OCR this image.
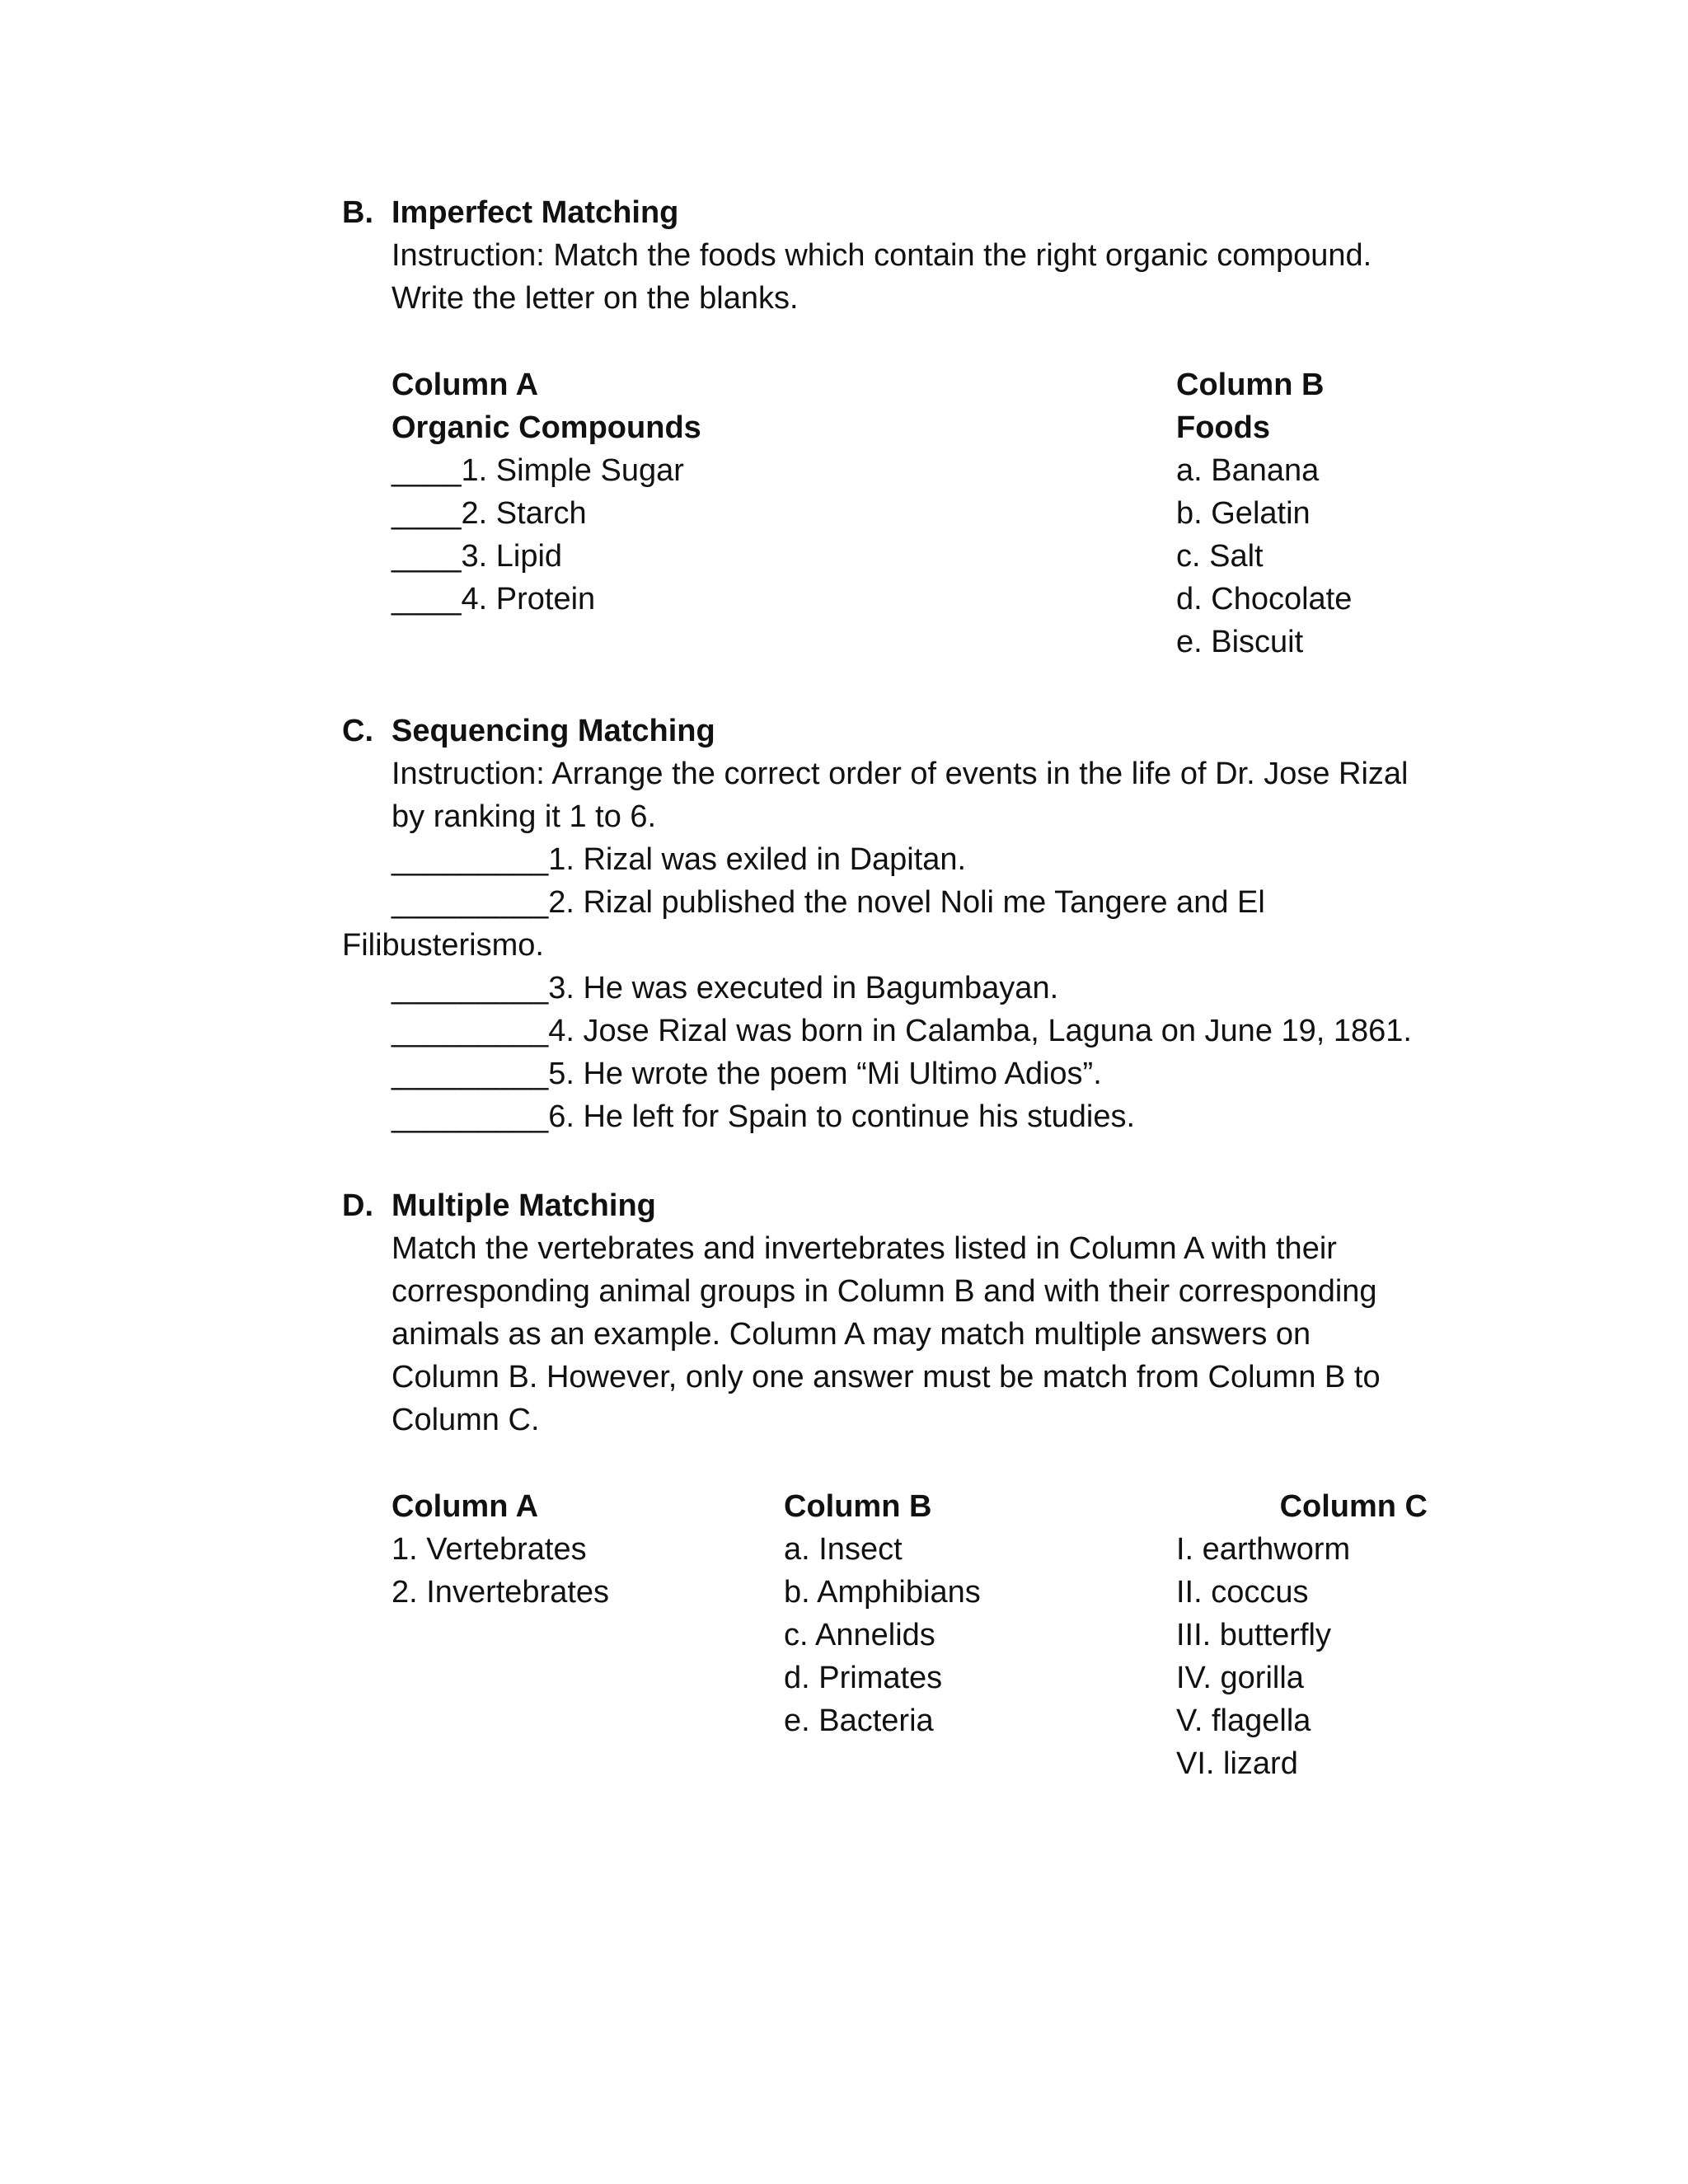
B. Imperfect Matching
Instruction: Match the foods which contain the right organic compound.
Write the letter on the blanks.
Column A
Organic Compounds
____1. Simple Sugar
____2. Starch
____3. Lipid
____4. Protein
Column B
Foods
a. Banana
b. Gelatin
c. Salt
d. Chocolate
e. Biscuit
C. Sequencing Matching
Instruction: Arrange the correct order of events in the life of Dr. Jose Rizal
by ranking it 1 to 6.
_________1. Rizal was exiled in Dapitan.
_________2. Rizal published the novel Noli me Tangere and El
Filibusterismo.
_________3. He was executed in Bagumbayan.
_________4. Jose Rizal was born in Calamba, Laguna on June 19, 1861.
_________5. He wrote the poem “Mi Ultimo Adios”.
_________6. He left for Spain to continue his studies.
D. Multiple Matching
Match the vertebrates and invertebrates listed in Column A with their
corresponding animal groups in Column B and with their corresponding
animals as an example. Column A may match multiple answers on
Column B. However, only one answer must be match from Column B to
Column C.
Column A
1. Vertebrates
2. Invertebrates
Column B
a. Insect
b. Amphibians
c. Annelids
d. Primates
e. Bacteria
Column C
I. earthworm
II. coccus
III. butterfly
IV. gorilla
V. flagella
VI. lizard
